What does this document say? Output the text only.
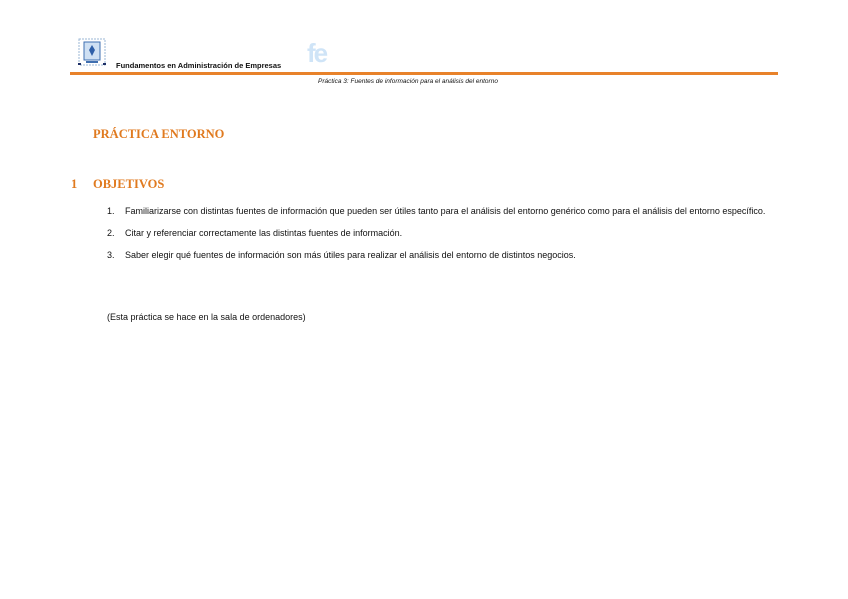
fe
Fundamentos en Administración de Empresas
Práctica 3: Fuentes de información para el análisis del entorno
PRÁCTICA ENTORNO
1 OBJETIVOS
1. Familiarizarse con distintas fuentes de información que pueden ser útiles tanto para el análisis del entorno genérico como para el análisis del entorno específico.
2. Citar y referenciar correctamente las distintas fuentes de información.
3. Saber elegir qué fuentes de información son más útiles para realizar el análisis del entorno de distintos negocios.
(Esta práctica se hace en la sala de ordenadores)
